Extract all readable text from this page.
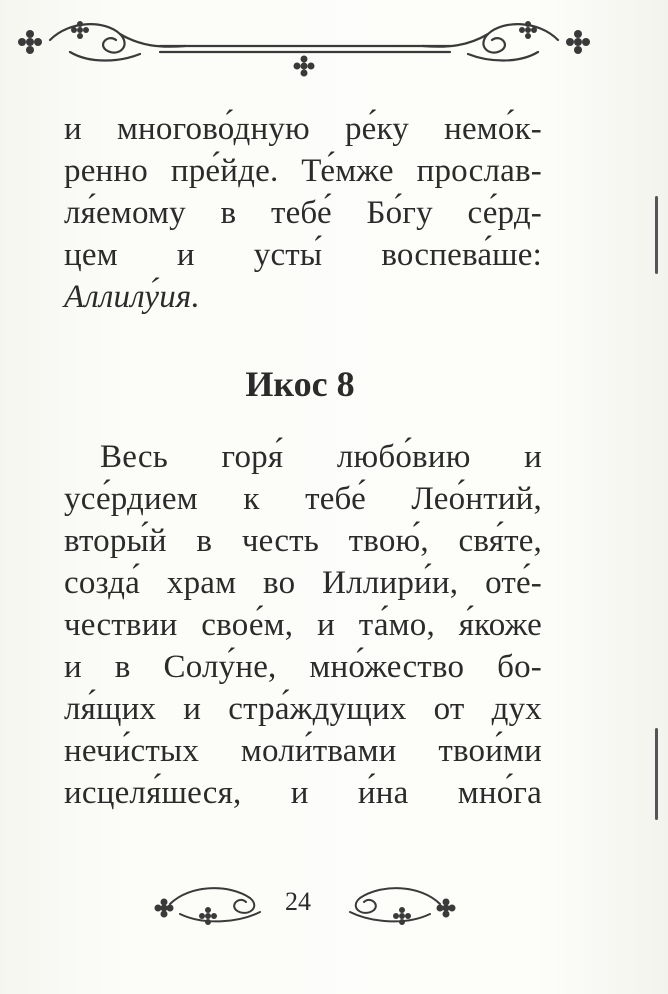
и многово́дную ре́ку немо́к-
ренно пре́йде. Те́мже прослав-
ля́емому в тебе́ Бо́гу се́рд-
цем и усты́ воспева́ше:
Аллилу́ия.
Икос 8
Весь горя́ любо́вию и
усе́рдием к тебе́ Лео́нтий,
вторы́й в честь твою́, свя́те,
созда́ храм во Иллири́и, оте́-
чествии свое́м, и та́мо, я́коже
и в Солу́не, мно́жество бо-
ля́щих и стра́ждущих от дух
нечи́стых моли́твами твои́ми
исцеля́шеся, и и́на мно́га
24
